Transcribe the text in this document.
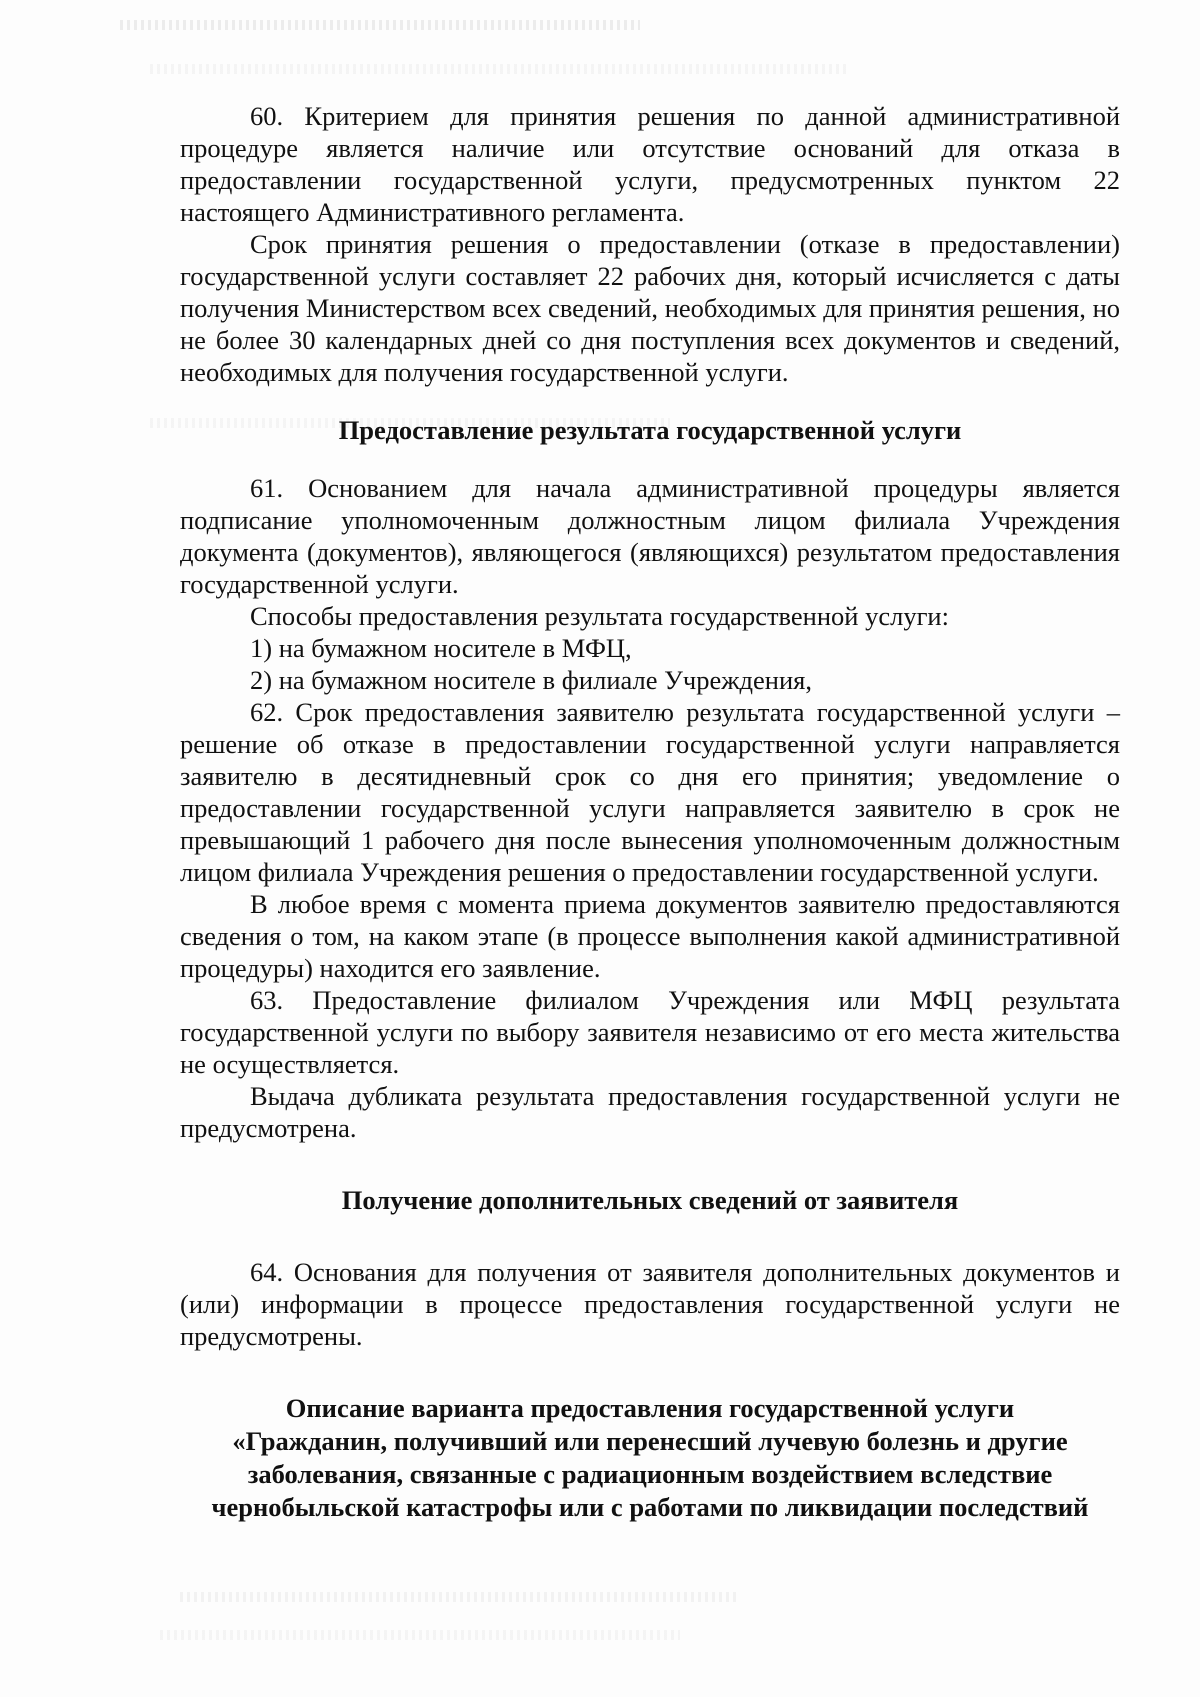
60. Критерием для принятия решения по данной административной процедуре является наличие или отсутствие оснований для отказа в предоставлении государственной услуги, предусмотренных пунктом 22 настоящего Административного регламента.

Срок принятия решения о предоставлении (отказе в предоставлении) государственной услуги составляет 22 рабочих дня, который исчисляется с даты получения Министерством всех сведений, необходимых для принятия решения, но не более 30 календарных дней со дня поступления всех документов и сведений, необходимых для получения государственной услуги.

Предоставление результата государственной услуги

61. Основанием для начала административной процедуры является подписание уполномоченным должностным лицом филиала Учреждения документа (документов), являющегося (являющихся) результатом предоставления государственной услуги.

Способы предоставления результата государственной услуги:

1) на бумажном носителе в МФЦ,

2) на бумажном носителе в филиале Учреждения,

62. Срок предоставления заявителю результата государственной услуги – решение об отказе в предоставлении государственной услуги направляется заявителю в десятидневный срок со дня его принятия; уведомление о предоставлении государственной услуги направляется заявителю в срок не превышающий 1 рабочего дня после вынесения уполномоченным должностным лицом филиала Учреждения решения о предоставлении государственной услуги.

В любое время с момента приема документов заявителю предоставляются сведения о том, на каком этапе (в процессе выполнения какой административной процедуры) находится его заявление.

63. Предоставление филиалом Учреждения или МФЦ результата государственной услуги по выбору заявителя независимо от его места жительства не осуществляется.

Выдача дубликата результата предоставления государственной услуги не предусмотрена.

Получение дополнительных сведений от заявителя

64. Основания для получения от заявителя дополнительных документов и (или) информации в процессе предоставления государственной услуги не предусмотрены.

Описание варианта предоставления государственной услуги

«Гражданин, получивший или перенесший лучевую болезнь и другие

заболевания, связанные с радиационным воздействием вследствие

чернобыльской катастрофы или с работами по ликвидации последствий
